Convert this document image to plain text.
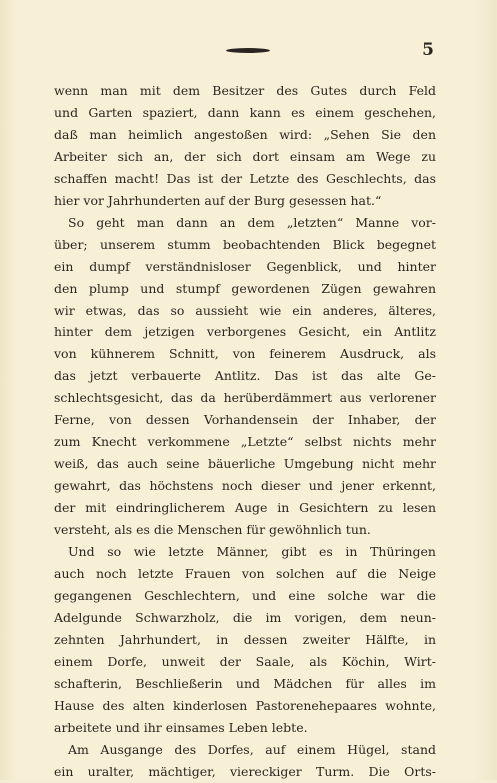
5
wenn man mit dem Besitzer des Gutes durch Feld
und Garten spaziert, dann kann es einem geschehen,
daß man heimlich angestoßen wird: „Sehen Sie den
Arbeiter sich an, der sich dort einsam am Wege zu
schaffen macht! Das ist der Letzte des Geschlechts, das
hier vor Jahrhunderten auf der Burg gesessen hat.“
So geht man dann an dem „letzten“ Manne vor-
über; unserem stumm beobachtenden Blick begegnet
ein dumpf verständnisloser Gegenblick, und hinter
den plump und stumpf gewordenen Zügen gewahren
wir etwas, das so aussieht wie ein anderes, älteres,
hinter dem jetzigen verborgenes Gesicht, ein Antlitz
von kühnerem Schnitt, von feinerem Ausdruck, als
das jetzt verbauerte Antlitz. Das ist das alte Ge-
schlechtsgesicht, das da herüberdämmert aus verlorener
Ferne, von dessen Vorhandensein der Inhaber, der
zum Knecht verkommene „Letzte“ selbst nichts mehr
weiß, das auch seine bäuerliche Umgebung nicht mehr
gewahrt, das höchstens noch dieser und jener erkennt,
der mit eindringlicherem Auge in Gesichtern zu lesen
versteht, als es die Menschen für gewöhnlich tun.
Und so wie letzte Männer, gibt es in Thüringen
auch noch letzte Frauen von solchen auf die Neige
gegangenen Geschlechtern, und eine solche war die
Adelgunde Schwarzholz, die im vorigen, dem neun-
zehnten Jahrhundert, in dessen zweiter Hälfte, in
einem Dorfe, unweit der Saale, als Köchin, Wirt-
schafterin, Beschließerin und Mädchen für alles im
Hause des alten kinderlosen Pastorenehepaares wohnte,
arbeitete und ihr einsames Leben lebte.
Am Ausgange des Dorfes, auf einem Hügel, stand
ein uralter, mächtiger, viereckiger Turm. Die Orts-
